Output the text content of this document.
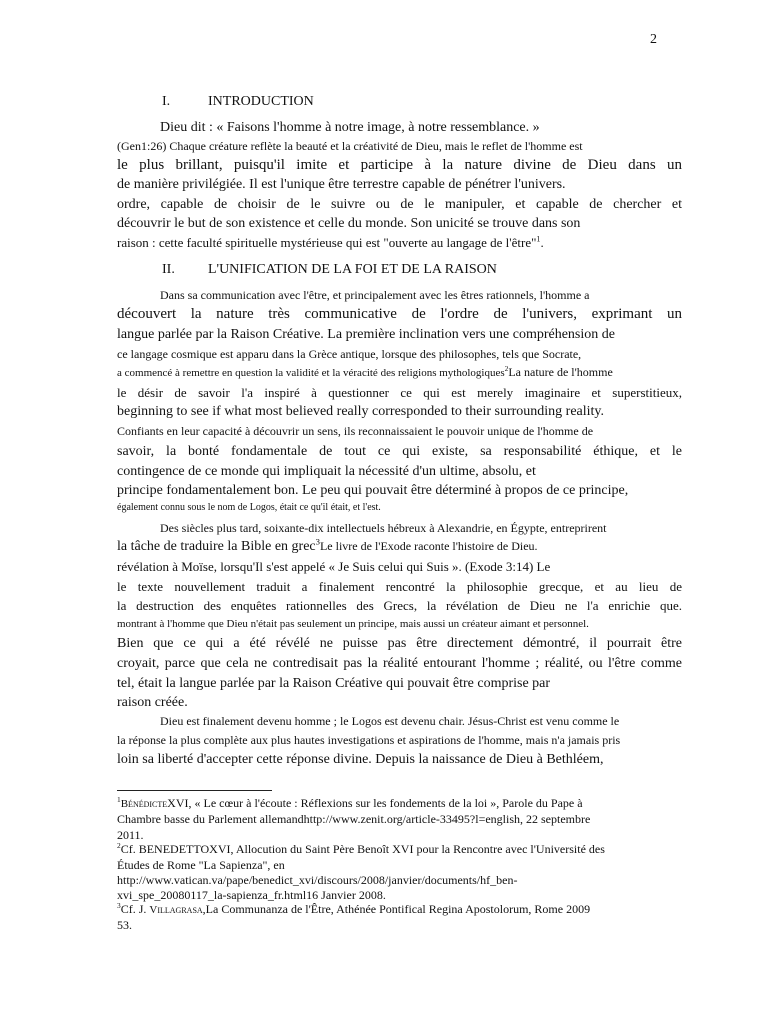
2
I.	INTRODUCTION
Dieu dit : « Faisons l'homme à notre image, à notre ressemblance. »
(Gen1:26) Chaque créature reflète la beauté et la créativité de Dieu, mais le reflet de l'homme est
le plus brillant, puisqu'il imite et participe à la nature divine de Dieu dans un
de manière privilégiée. Il est l'unique être terrestre capable de pénétrer l'univers.
ordre, capable de choisir de le suivre ou de le manipuler, et capable de chercher et
découvrir le but de son existence et celle du monde. Son unicité se trouve dans son
raison : cette faculté spirituelle mystérieuse qui est "ouverte au langage de l'être"$^1$.
II. L'UNIFICATION DE LA FOI ET DE LA RAISON
Dans sa communication avec l'être, et principalement avec les êtres rationnels, l'homme a
découvert la nature très communicative de l'ordre de l'univers, exprimant un
langue parlée par la Raison Créative. La première inclination vers une compréhension de
ce langage cosmique est apparu dans la Grèce antique, lorsque des philosophes, tels que Socrate,
a commencé à remettre en question la validité et la véracité des religions mythologiques$^2$La nature de l'homme
le désir de savoir l'a inspiré à questionner ce qui est merely imaginaire et superstitieux,
beginning to see if what most believed really corresponded to their surrounding reality.
Confiants en leur capacité à découvrir un sens, ils reconnaissaient le pouvoir unique de l'homme de
savoir, la bonté fondamentale de tout ce qui existe, sa responsabilité éthique, et le
contingence de ce monde qui impliquait la nécessité d'un ultime, absolu, et
principe fondamentalement bon. Le peu qui pouvait être déterminé à propos de ce principe,
également connu sous le nom de Logos, était ce qu'il était, et l'est.
Des siècles plus tard, soixante-dix intellectuels hébreux à Alexandrie, en Égypte, entreprirent
la tâche de traduire la Bible en grec$^3$Le livre de l'Exode raconte l'histoire de Dieu.
révélation à Moïse, lorsqu'Il s'est appelé « Je Suis celui qui Suis ». (Exode 3:14) Le
le texte nouvellement traduit a finalement rencontré la philosophie grecque, et au lieu de
la destruction des enquêtes rationnelles des Grecs, la révélation de Dieu ne l'a enrichie que.
montrant à l'homme que Dieu n'était pas seulement un principe, mais aussi un créateur aimant et personnel.
Bien que ce qui a été révélé ne puisse pas être directement démontré, il pourrait être
croyait, parce que cela ne contredisait pas la réalité entourant l'homme ; réalité, ou l'être comme
tel, était la langue parlée par la Raison Créative qui pouvait être comprise par
raison créée.
Dieu est finalement devenu homme ; le Logos est devenu chair. Jésus-Christ est venu comme le
la réponse la plus complète aux plus hautes investigations et aspirations de l'homme, mais n'a jamais pris
loin sa liberté d'accepter cette réponse divine. Depuis la naissance de Dieu à Bethléem,
$^1$BénédicteXVI, « Le cœur à l'écoute : Réflexions sur les fondements de la loi », Parole du Pape à
Chambre basse du Parlement allemandhttp://www.zenit.org/article-33495?l=english, 22 septembre
2011.
$^2$Cf. BENEDETTOXVI, Allocution du Saint Père Benoît XVI pour la Rencontre avec l'Université des
Études de Rome "La Sapienza", en
http://www.vatican.va/pape/benedict_xvi/discours/2008/janvier/documents/hf_ben-
xvi_spe_20080117_la-sapienza_fr.html16 Janvier 2008.
$^3$Cf. J. Villagrasa,La Communanza de l'Être, Athénée Pontifical Regina Apostolorum, Rome 2009
53.
